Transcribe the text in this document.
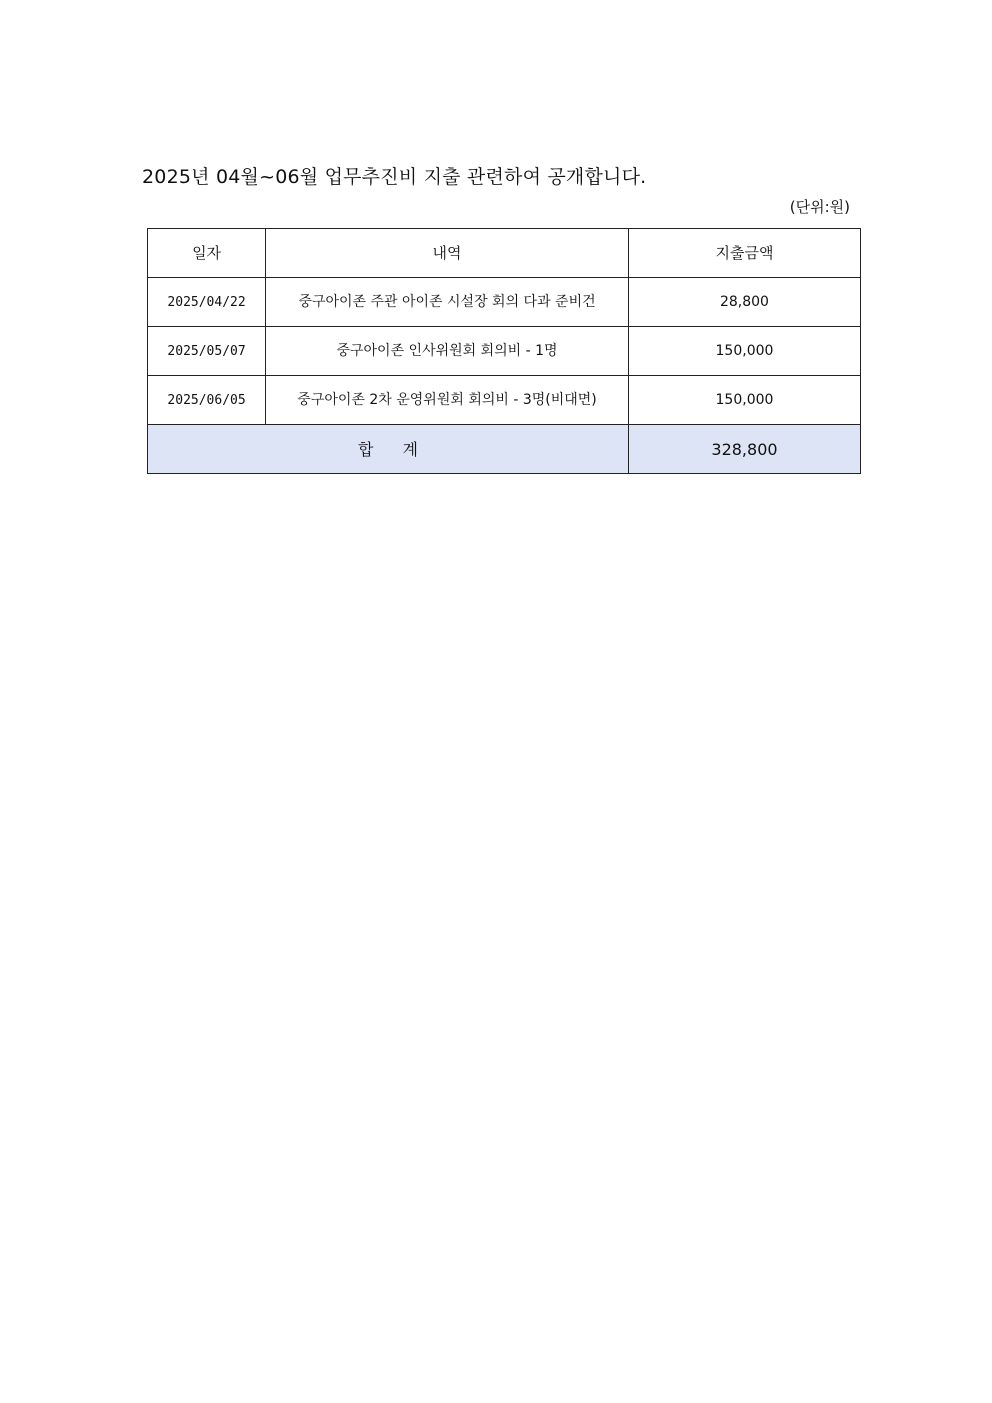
2025년 04월~06월 업무추진비 지출 관련하여 공개합니다.
(단위:원)
일자	내역	지출금액
2025/04/22	중구아이존 주관 아이존 시설장 회의 다과 준비건	28,800
2025/05/07	중구아이존 인사위원회 회의비 - 1명	150,000
2025/06/05	중구아이존 2차 운영위원회 회의비 - 3명(비대면)	150,000
합 계		328,800
